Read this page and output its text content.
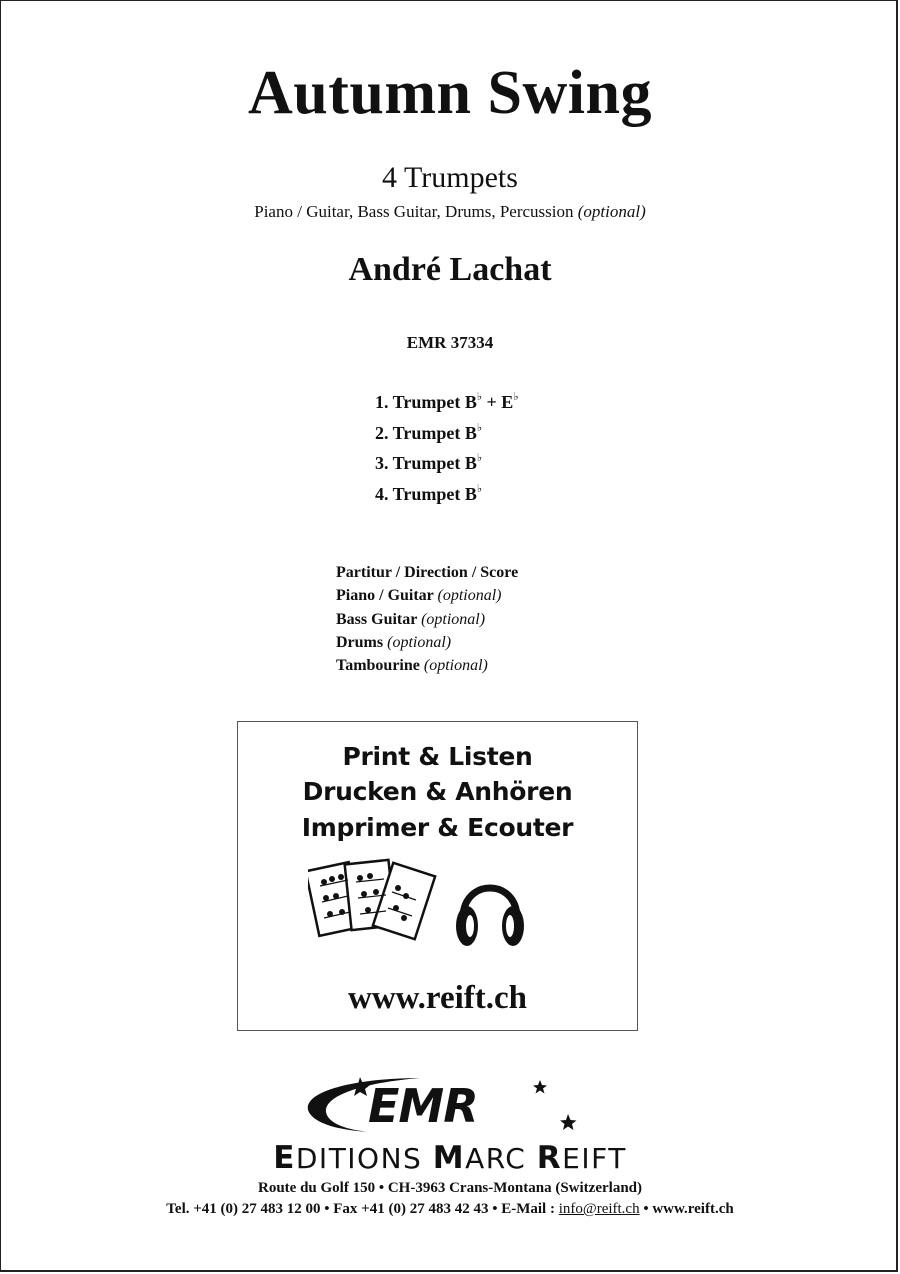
Autumn Swing
4 Trumpets
Piano / Guitar, Bass Guitar, Drums, Percussion (optional)
André Lachat
EMR 37334
1. Trumpet B♭ + E♭
2. Trumpet B♭
3. Trumpet B♭
4. Trumpet B♭
Partitur / Direction / Score
Piano / Guitar (optional)
Bass Guitar (optional)
Drums (optional)
Tambourine (optional)
Print & Listen
Drucken & Anhören
Imprimer & Ecouter
www.reift.ch
EMR
EDITIONS MARC REIFT
Route du Golf 150 • CH-3963 Crans-Montana (Switzerland)
Tel. +41 (0) 27 483 12 00 • Fax +41 (0) 27 483 42 43 • E-Mail : info@reift.ch • www.reift.ch
